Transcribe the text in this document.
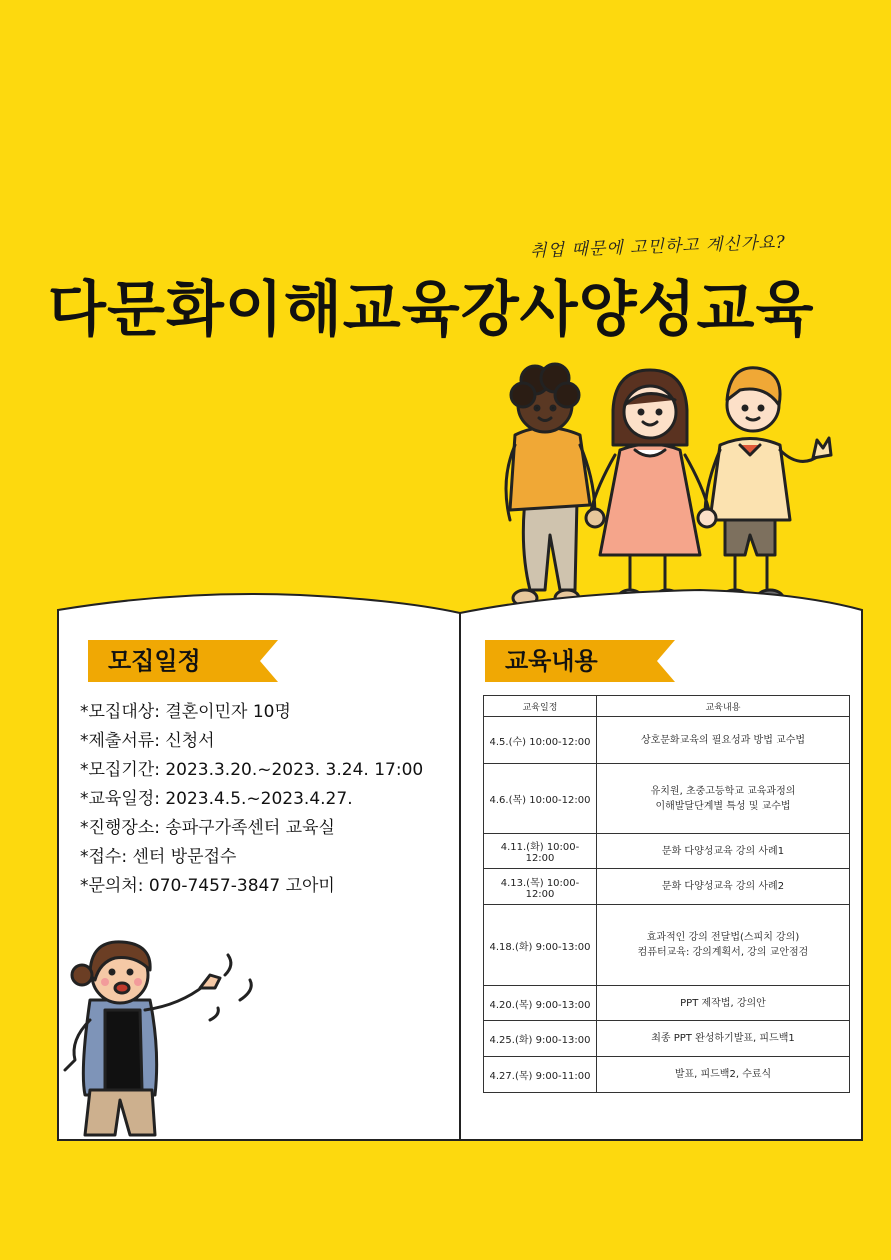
취업 때문에 고민하고 계신가요?
다문화이해교육강사양성교육
모집일정
*모집대상: 결혼이민자 10명
*제출서류: 신청서
*모집기간: 2023.3.20.~2023. 3.24. 17:00
*교육일정: 2023.4.5.~2023.4.27.
*진행장소: 송파구가족센터 교육실
*접수: 센터 방문접수
*문의처: 070-7457-3847 고아미
교육내용
교육일정	교육내용
4.5.(수) 10:00-12:00	상호문화교육의 필요성과 방법 교수법
4.6.(목) 10:00-12:00	유치원, 초중고등학교 교육과정의
이해발달단계별 특성 및 교수법
4.11.(화) 10:00-12:00	문화 다양성교육 강의 사례1
4.13.(목) 10:00-12:00	문화 다양성교육 강의 사례2
4.18.(화) 9:00-13:00	효과적인 강의 전달법(스피치 강의)
컴퓨터교육: 강의계획서, 강의 교안점검
4.20.(목) 9:00-13:00	PPT 제작법, 강의안
4.25.(화) 9:00-13:00	최종 PPT 완성하기발표, 피드백1
4.27.(목) 9:00-11:00	발표, 피드백2, 수료식
